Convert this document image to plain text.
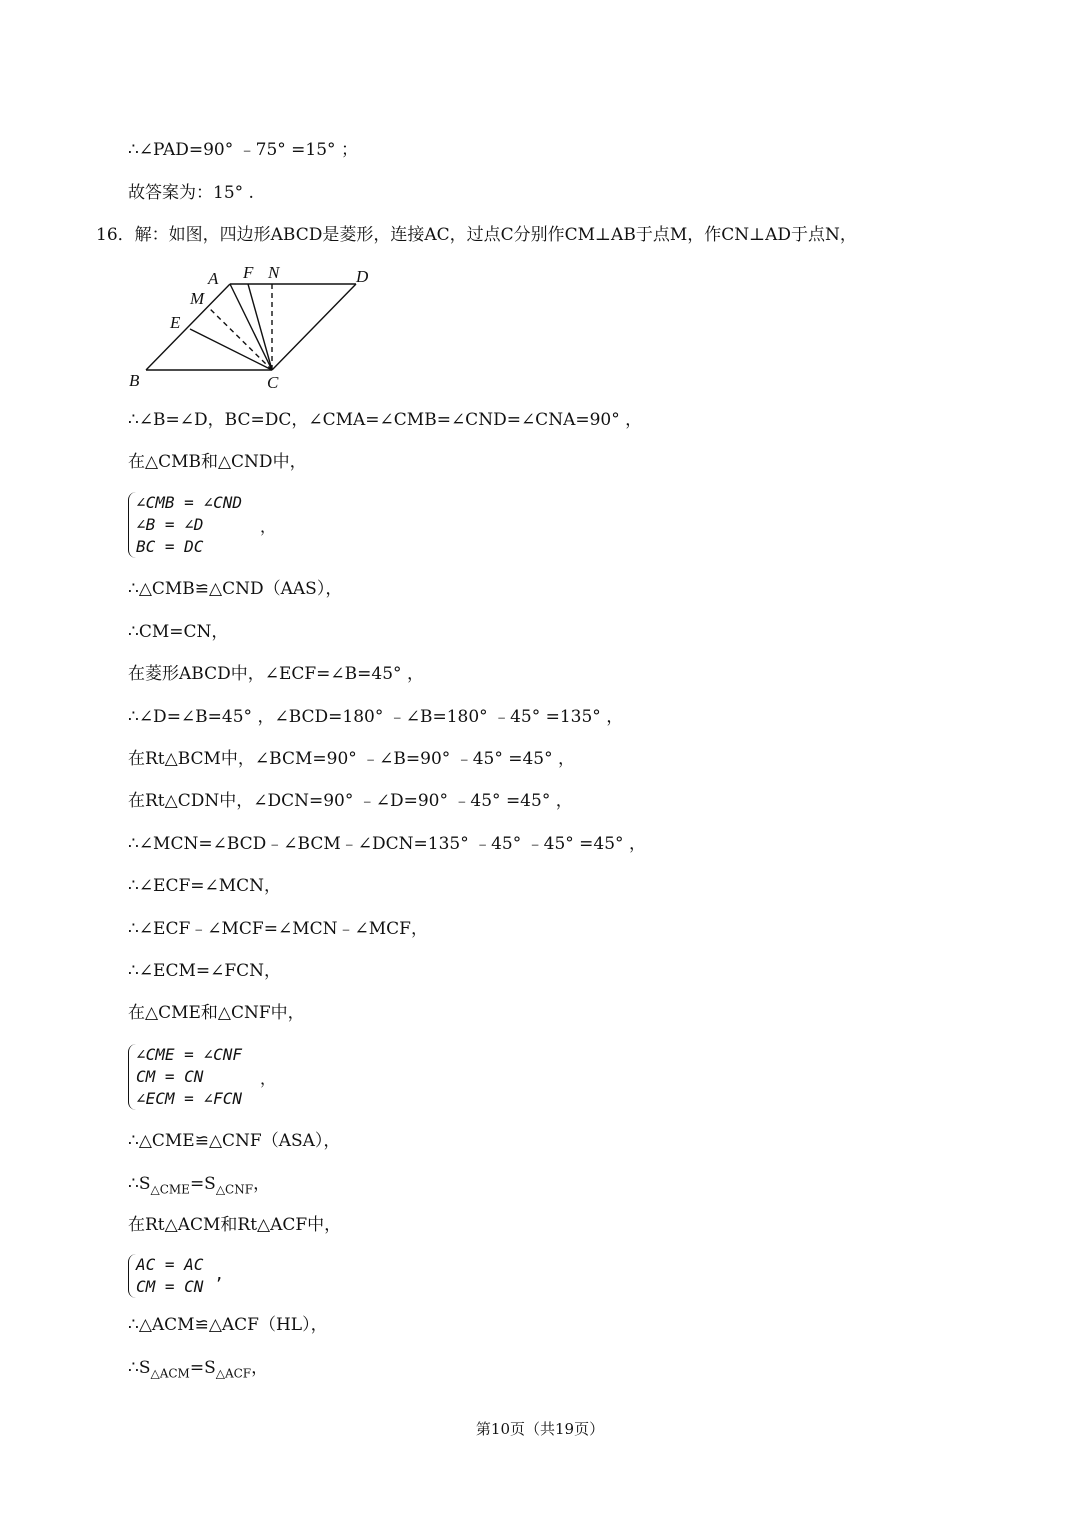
∴∠PAD=90° ﹣75° =15° ；
故答案为：15° .
16．解：如图，四边形ABCD是菱形，连接AC，过点C分别作CM⊥AB于点M，作CN⊥AD于点N，
A F N	D
M
E
B	C
∴∠B=∠D，BC=DC，∠CMA=∠CMB=∠CND=∠CNA=90° ，
在△CMB和△CND中，
∠CMB = ∠CND
∠B = ∠D
BC = DC
，
∴△CMB≌△CND（AAS），
∴CM=CN，
在菱形ABCD中，∠ECF=∠B=45° ，
∴∠D=∠B=45° ，∠BCD=180° ﹣∠B=180° ﹣45° =135° ，
在Rt△BCM中，∠BCM=90° ﹣∠B=90° ﹣45° =45° ，
在Rt△CDN中，∠DCN=90° ﹣∠D=90° ﹣45° =45° ，
∴∠MCN=∠BCD﹣∠BCM﹣∠DCN=135° ﹣45° ﹣45° =45° ，
∴∠ECF=∠MCN，
∴∠ECF﹣∠MCF=∠MCN﹣∠MCF，
∴∠ECM=∠FCN，
在△CME和△CNF中，
∠CME = ∠CNF
CM = CN
∠ECM = ∠FCN
，
∴△CME≌△CNF（ASA），
$\therefore S_{\triangle CME}=S_{\triangle CNF}$，
在Rt△ACM和Rt△ACF中，
AC = AC
CM = CN ’
∴△ACM≌△ACF（HL），
$\therefore S_{\triangle ACM}=S_{\triangle ACF}$，
第10页（共19页）
